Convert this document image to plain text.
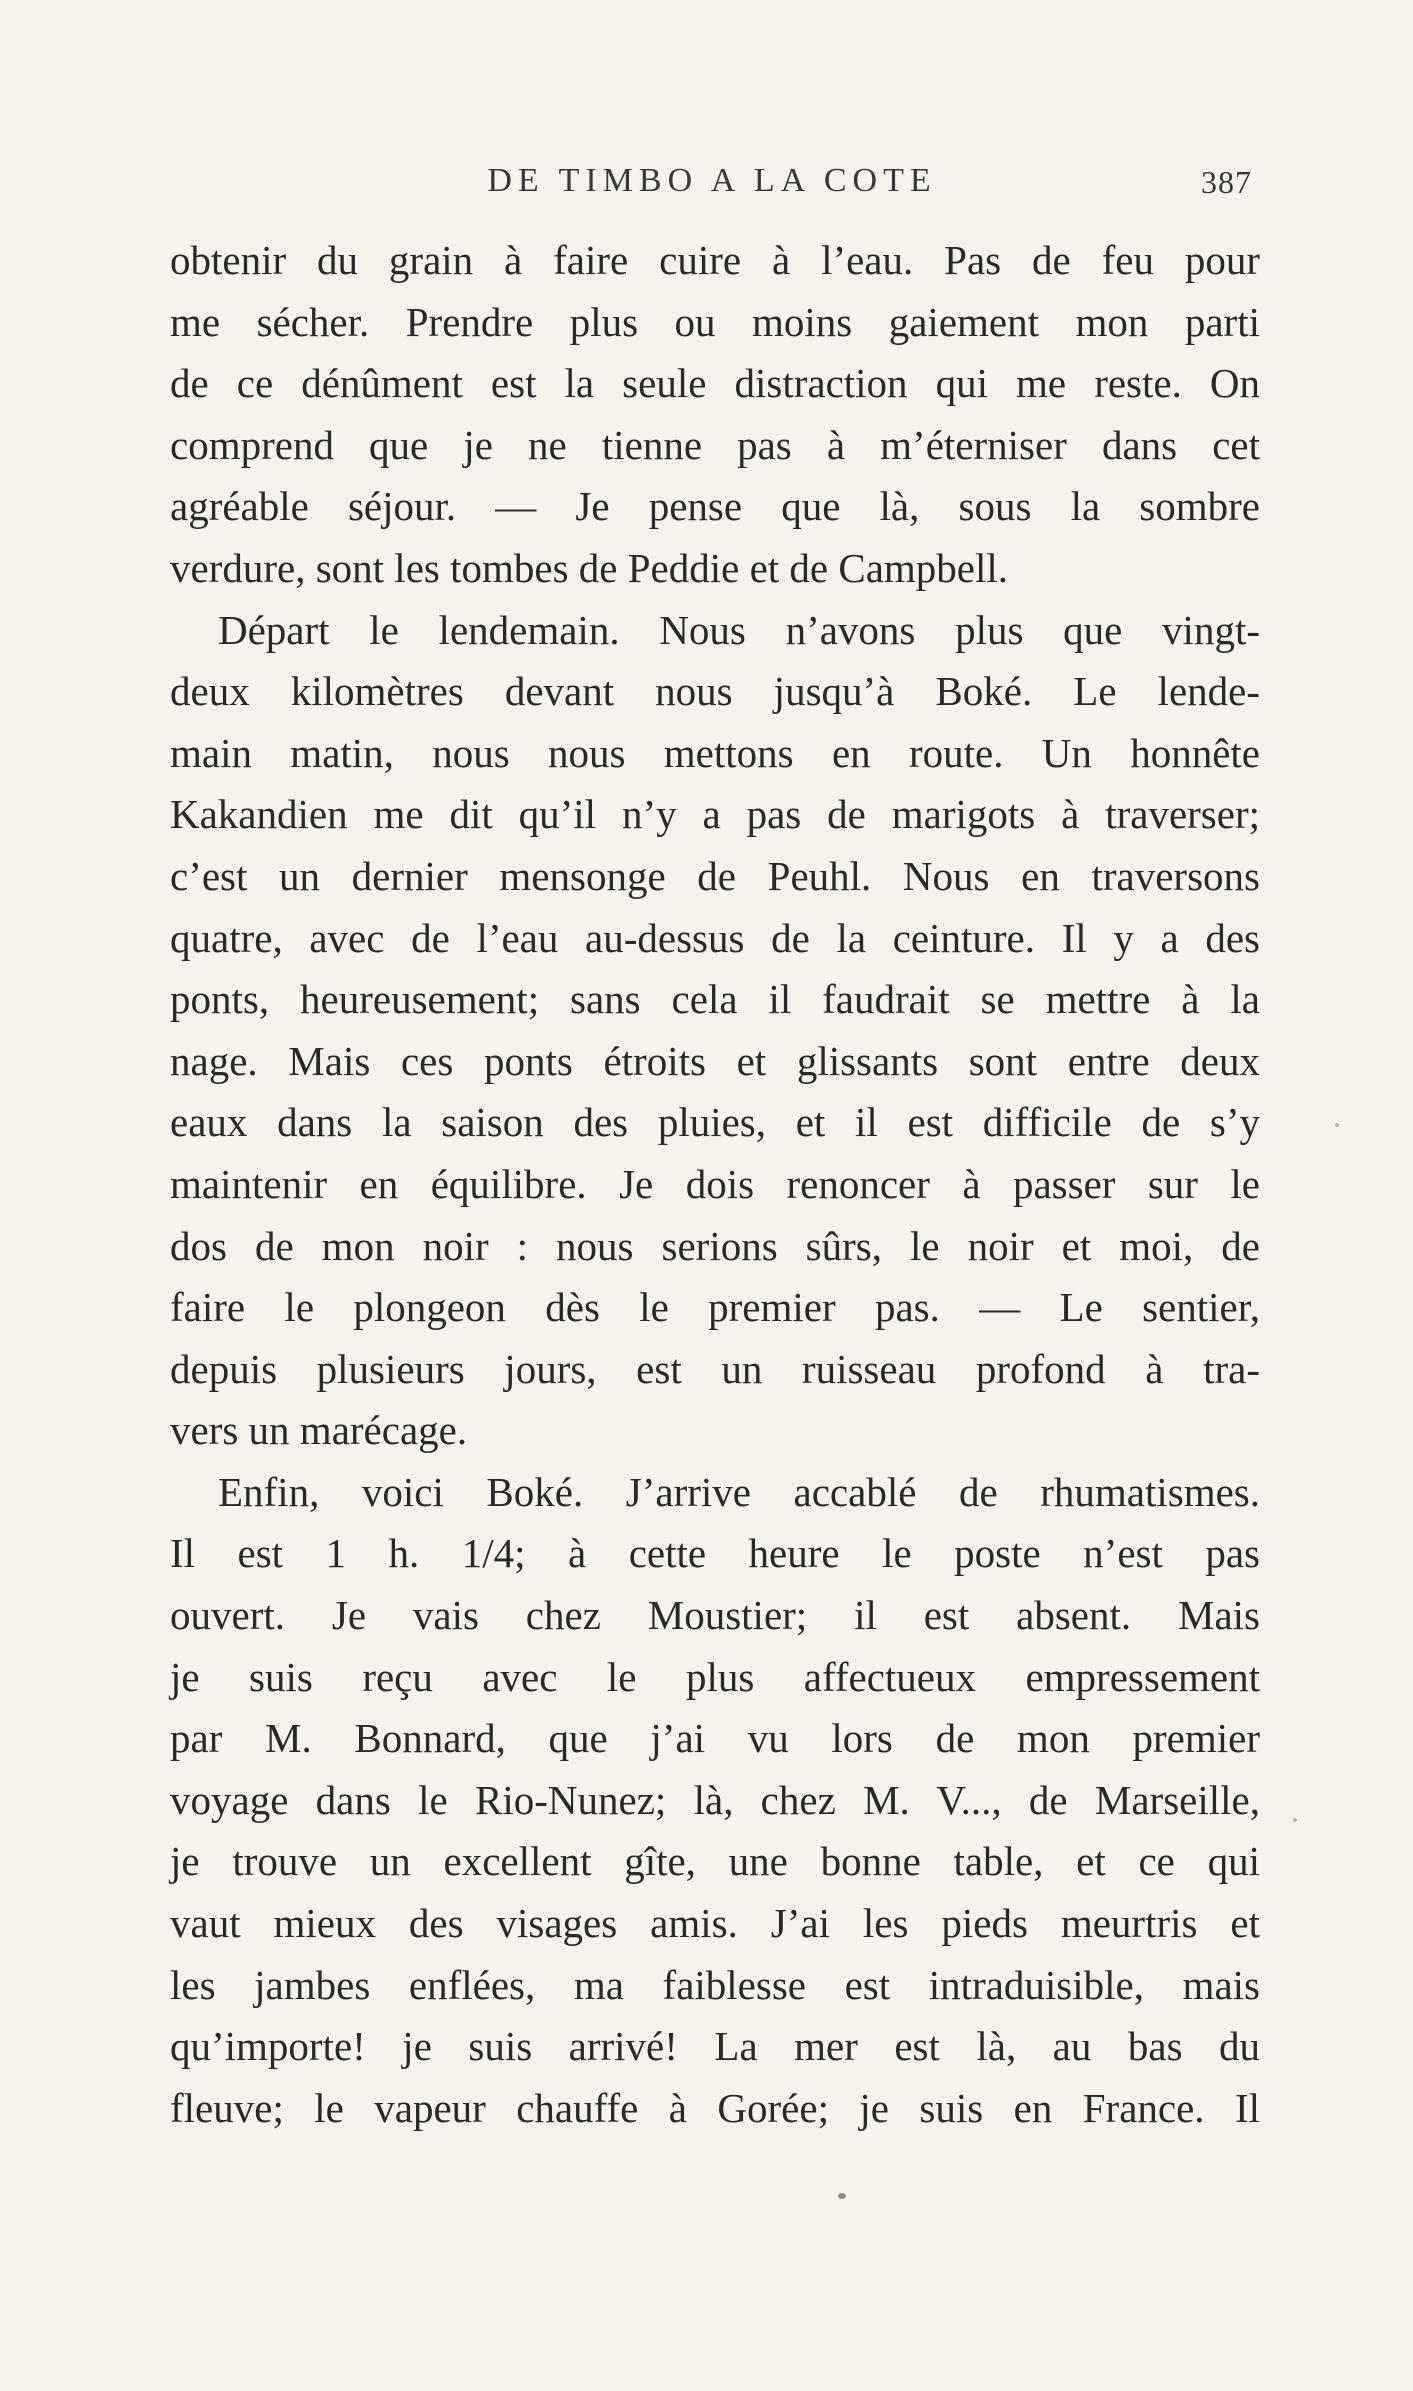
DE TIMBO A LA COTE	387
obtenir du grain à faire cuire à l’eau. Pas de feu pour
me sécher. Prendre plus ou moins gaiement mon parti
de ce dénûment est la seule distraction qui me reste. On
comprend que je ne tienne pas à m’éterniser dans cet
agréable séjour. — Je pense que là, sous la sombre
verdure, sont les tombes de Peddie et de Campbell.
Départ le lendemain. Nous n’avons plus que vingt-
deux kilomètres devant nous jusqu’à Boké. Le lende-
main matin, nous nous mettons en route. Un honnête
Kakandien me dit qu’il n’y a pas de marigots à traverser;
c’est un dernier mensonge de Peuhl. Nous en traversons
quatre, avec de l’eau au-dessus de la ceinture. Il y a des
ponts, heureusement; sans cela il faudrait se mettre à la
nage. Mais ces ponts étroits et glissants sont entre deux
eaux dans la saison des pluies, et il est difficile de s’y
maintenir en équilibre. Je dois renoncer à passer sur le
dos de mon noir : nous serions sûrs, le noir et moi, de
faire le plongeon dès le premier pas. — Le sentier,
depuis plusieurs jours, est un ruisseau profond à tra-
vers un marécage.
Enfin, voici Boké. J’arrive accablé de rhumatismes.
Il est 1 h. 1/4; à cette heure le poste n’est pas
ouvert. Je vais chez Moustier; il est absent. Mais
je suis reçu avec le plus affectueux empressement
par M. Bonnard, que j’ai vu lors de mon premier
voyage dans le Rio-Nunez; là, chez M. V..., de Marseille,
je trouve un excellent gîte, une bonne table, et ce qui
vaut mieux des visages amis. J’ai les pieds meurtris et
les jambes enflées, ma faiblesse est intraduisible, mais
qu’importe! je suis arrivé! La mer est là, au bas du
fleuve; le vapeur chauffe à Gorée; je suis en France. Il
